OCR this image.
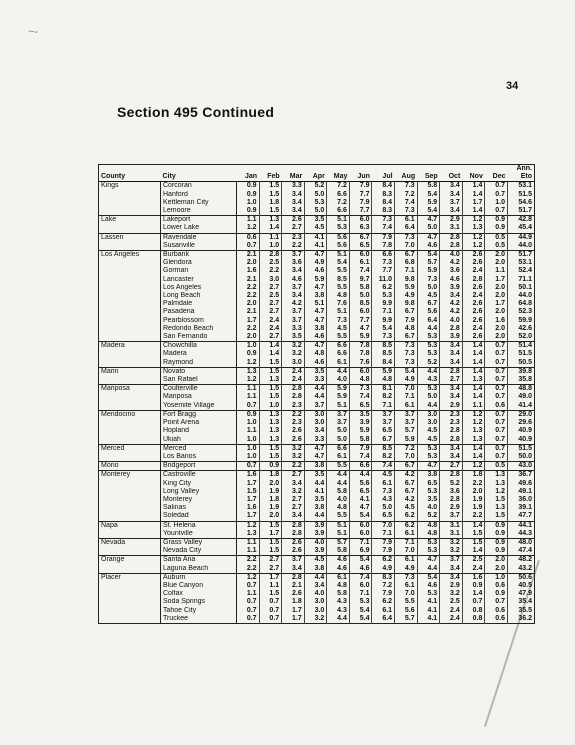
~-
34
Section 495 Continued
County	City	Jan	Feb	Mar	Apr	May	Jun	Jul	Aug	Sep	Oct	Nov	Dec	Ann.
Eto
Kings	Corcoran	0.9	1.5	3.3	5.2	7.2	7.9	8.4	7.3	5.8	3.4	1.4	0.7	53.1
	Hanford	0.9	1.5	3.4	5.0	6.6	7.7	8.3	7.2	5.4	3.4	1.4	0.7	51.5
	Kettleman City	1.0	1.8	3.4	5.3	7.2	7.9	8.4	7.4	5.9	3.7	1.7	1.0	54.6
	Lemoore	0.9	1.5	3.4	5.0	6.6	7.7	8.3	7.3	5.4	3.4	1.4	0.7	51.7
Lake	Lakeport	1.1	1.3	2.6	3.5	5.1	6.0	7.3	6.1	4.7	2.9	1.2	0.9	42.8
	Lower Lake	1.2	1.4	2.7	4.5	5.3	6.3	7.4	6.4	5.0	3.1	1.3	0.9	45.4
Lassen	Ravendale	0.6	1.1	2.3	4.1	5.6	6.7	7.9	7.3	4.7	2.8	1.2	0.5	44.9
	Susanville	0.7	1.0	2.2	4.1	5.6	6.5	7.8	7.0	4.6	2.8	1.2	0.5	44.0
Los Angeles	Burbank	2.1	2.8	3.7	4.7	5.1	6.0	6.6	6.7	5.4	4.0	2.6	2.0	51.7
	Glendora	2.0	2.5	3.6	4.9	5.4	6.1	7.3	6.8	5.7	4.2	2.6	2.0	53.1
	Gorman	1.6	2.2	3.4	4.6	5.5	7.4	7.7	7.1	5.9	3.6	2.4	1.1	52.4
	Lancaster	2.1	3.0	4.6	5.9	8.5	9.7	11.0	9.8	7.3	4.6	2.8	1.7	71.1
	Los Angeles	2.2	2.7	3.7	4.7	5.5	5.8	6.2	5.9	5.0	3.9	2.6	2.0	50.1
	Long Beach	2.2	2.5	3.4	3.8	4.8	5.0	5.3	4.9	4.5	3.4	2.4	2.0	44.0
	Palmdale	2.0	2.7	4.2	5.1	7.6	8.5	9.9	9.8	6.7	4.2	2.6	1.7	64.8
	Pasadena	2.1	2.7	3.7	4.7	5.1	6.0	7.1	6.7	5.6	4.2	2.6	2.0	52.3
	Pearblossom	1.7	2.4	3.7	4.7	7.3	7.7	9.9	7.9	6.4	4.0	2.6	1.6	59.9
	Redondo Beach	2.2	2.4	3.3	3.8	4.5	4.7	5.4	4.8	4.4	2.8	2.4	2.0	42.6
	San Fernando	2.0	2.7	3.5	4.6	5.5	5.9	7.3	6.7	5.3	3.9	2.6	2.0	52.0
Madera	Chowchilla	1.0	1.4	3.2	4.7	6.6	7.8	8.5	7.3	5.3	3.4	1.4	0.7	51.4
	Madera	0.9	1.4	3.2	4.8	6.6	7.8	8.5	7.3	5.3	3.4	1.4	0.7	51.5
	Raymond	1.2	1.5	3.0	4.6	6.1	7.6	8.4	7.3	5.2	3.4	1.4	0.7	50.5
Marin	Novato	1.3	1.5	2.4	3.5	4.4	6.0	5.9	5.4	4.4	2.8	1.4	0.7	39.8
	San Rafael	1.2	1.3	2.4	3.3	4.0	4.8	4.8	4.9	4.3	2.7	1.3	0.7	35.8
Mariposa	Coulterville	1.1	1.5	2.8	4.4	5.9	7.3	8.1	7.0	5.3	3.4	1.4	0.7	48.8
	Mariposa	1.1	1.5	2.8	4.4	5.9	7.4	8.2	7.1	5.0	3.4	1.4	0.7	49.0
	Yosemite Village	0.7	1.0	2.3	3.7	5.1	6.5	7.1	6.1	4.4	2.9	1.1	0.6	41.4
Mendocino	Fort Bragg	0.9	1.3	2.2	3.0	3.7	3.5	3.7	3.7	3.0	2.3	1.2	0.7	29.0
	Point Arena	1.0	1.3	2.3	3.0	3.7	3.9	3.7	3.7	3.0	2.3	1.2	0.7	29.6
	Hopland	1.1	1.3	2.6	3.4	5.0	5.9	6.5	5.7	4.5	2.8	1.3	0.7	40.9
	Ukiah	1.0	1.3	2.6	3.3	5.0	5.8	6.7	5.9	4.5	2.8	1.3	0.7	40.9
Merced	Merced	1.0	1.5	3.2	4.7	6.6	7.9	8.5	7.2	5.3	3.4	1.4	0.7	51.5
	Los Banos	1.0	1.5	3.2	4.7	6.1	7.4	8.2	7.0	5.3	3.4	1.4	0.7	50.0
Mono	Bridgeport	0.7	0.9	2.2	3.8	5.5	6.6	7.4	6.7	4.7	2.7	1.2	0.5	43.0
Monterey	Castroville	1.6	1.8	2.7	3.5	4.4	4.4	4.5	4.2	3.8	2.8	1.8	1.3	36.7
	King City	1.7	2.0	3.4	4.4	4.4	5.6	6.1	6.7	6.5	5.2	2.2	1.3	49.6
	Long Valley	1.5	1.9	3.2	4.1	5.8	6.5	7.3	6.7	5.3	3.6	2.0	1.2	49.1
	Monterey	1.7	1.8	2.7	3.5	4.0	4.1	4.3	4.2	3.5	2.8	1.9	1.5	36.0
	Salinas	1.6	1.9	2.7	3.8	4.8	4.7	5.0	4.5	4.0	2.9	1.9	1.3	39.1
	Soledad	1.7	2.0	3.4	4.4	5.5	5.4	6.5	6.2	5.2	3.7	2.2	1.5	47.7
Napa	St. Helena	1.2	1.5	2.8	3.9	5.1	6.0	7.0	6.2	4.8	3.1	1.4	0.9	44.1
	Yountville	1.3	1.7	2.8	3.9	5.1	6.0	7.1	6.1	4.8	3.1	1.5	0.9	44.3
Nevada	Grass Valley	1.1	1.5	2.6	4.0	5.7	7.1	7.9	7.1	5.3	3.2	1.5	0.9	48.0
	Nevada City	1.1	1.5	2.6	3.9	5.8	6.9	7.9	7.0	5.3	3.2	1.4	0.9	47.4
Orange	Santa Ana	2.2	2.7	3.7	4.5	4.6	5.4	6.2	6.1	4.7	3.7	2.5	2.0	48.2
	Laguna Beach	2.2	2.7	3.4	3.8	4.6	4.6	4.9	4.9	4.4	3.4	2.4	2.0	43.2
Placer	Auburn	1.2	1.7	2.8	4.4	6.1	7.4	8.3	7.3	5.4	3.4	1.6	1.0	50.6
	Blue Canyon	0.7	1.1	2.1	3.4	4.8	6.0	7.2	6.1	4.6	2.9	0.9	0.6	40.5
	Colfax	1.1	1.5	2.6	4.0	5.8	7.1	7.9	7.0	5.3	3.2	1.4	0.9	47.9
	Soda Springs	0.7	0.7	1.8	3.0	4.3	5.3	6.2	5.5	4.1	2.5	0.7	0.7	35.4
	Tahoe City	0.7	0.7	1.7	3.0	4.3	5.4	6.1	5.6	4.1	2.4	0.8	0.6	35.5
	Truckee	0.7	0.7	1.7	3.2	4.4	5.4	6.4	5.7	4.1	2.4	0.8	0.6	36.2
